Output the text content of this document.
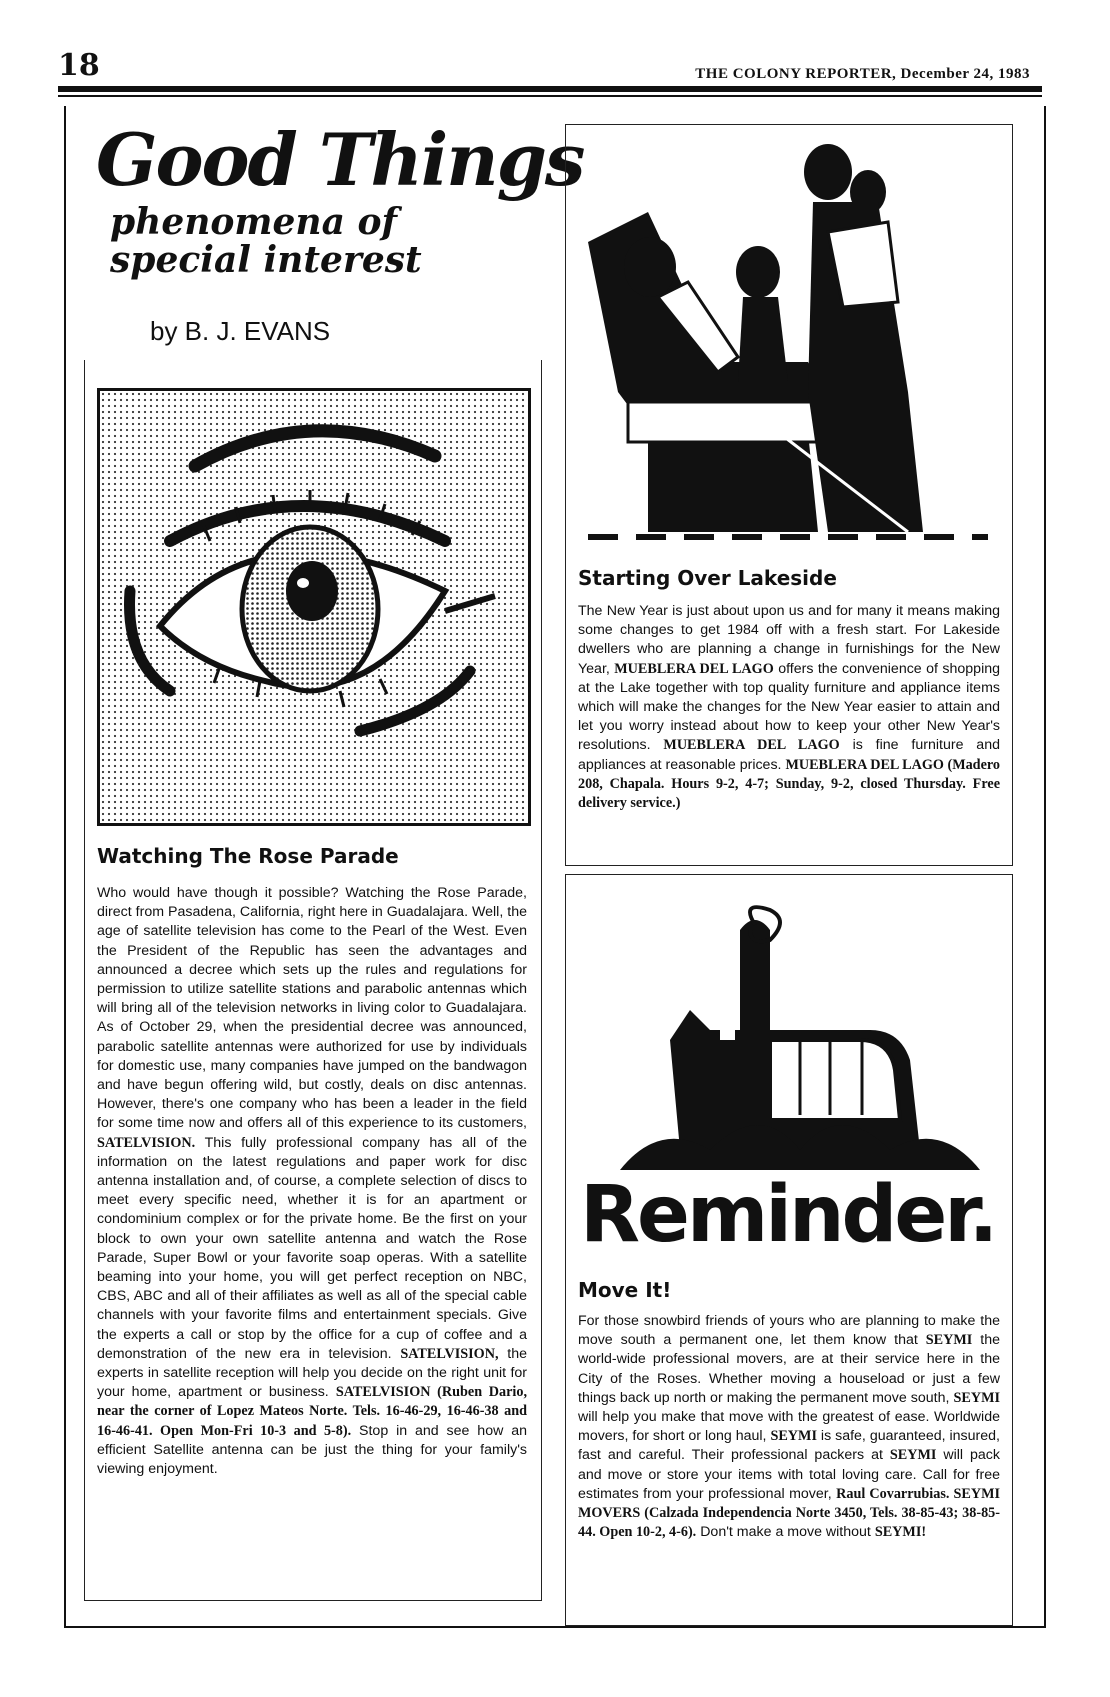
18	THE COLONY REPORTER, December 24, 1983
Good Things
phenomena of
special interest
by B. J. EVANS
Watching The Rose Parade
Who would have though it possible? Watching the Rose Parade, direct from Pasadena, California, right here in Guadalajara. Well, the age of satellite television has come to the Pearl of the West. Even the President of the Republic has seen the advantages and announced a decree which sets up the rules and regulations for permission to utilize satellite stations and parabolic antennas which will bring all of the television networks in living color to Guadalajara. As of October 29, when the presidential decree was announced, parabolic satellite antennas were authorized for use by individuals for domestic use, many companies have jumped on the bandwagon and have begun offering wild, but costly, deals on disc antennas. However, there's one company who has been a leader in the field for some time now and offers all of this experience to its customers, SATELVISION. This fully professional company has all of the information on the latest regulations and paper work for disc antenna installation and, of course, a complete selection of discs to meet every specific need, whether it is for an apartment or condominium complex or for the private home. Be the first on your block to own your own satellite antenna and watch the Rose Parade, Super Bowl or your favorite soap operas. With a satellite beaming into your home, you will get perfect reception on NBC, CBS, ABC and all of their affiliates as well as all of the special cable channels with your favorite films and entertainment specials. Give the experts a call or stop by the office for a cup of coffee and a demonstration of the new era in television. SATELVISION, the experts in satellite reception will help you decide on the right unit for your home, apartment or business. SATELVISION (Ruben Dario, near the corner of Lopez Mateos Norte. Tels. 16-46-29, 16-46-38 and 16-46-41. Open Mon-Fri 10-3 and 5-8). Stop in and see how an efficient Satellite antenna can be just the thing for your family's viewing enjoyment.
Starting Over Lakeside
The New Year is just about upon us and for many it means making some changes to get 1984 off with a fresh start. For Lakeside dwellers who are planning a change in furnishings for the New Year, MUEBLERA DEL LAGO offers the convenience of shopping at the Lake together with top quality furniture and appliance items which will make the changes for the New Year easier to attain and let you worry instead about how to keep your other New Year's resolutions. MUEBLERA DEL LAGO is fine furniture and appliances at reasonable prices. MUEBLERA DEL LAGO (Madero 208, Chapala. Hours 9-2, 4-7; Sunday, 9-2, closed Thursday. Free delivery service.)
Reminder.
Move It!
For those snowbird friends of yours who are planning to make the move south a permanent one, let them know that SEYMI the world-wide professional movers, are at their service here in the City of the Roses. Whether moving a houseload or just a few things back up north or making the permanent move south, SEYMI will help you make that move with the greatest of ease. Worldwide movers, for short or long haul, SEYMI is safe, guaranteed, insured, fast and careful. Their professional packers at SEYMI will pack and move or store your items with total loving care. Call for free estimates from your professional mover, Raul Covarrubias. SEYMI MOVERS (Calzada Independencia Norte 3450, Tels. 38-85-43; 38-85-44. Open 10-2, 4-6). Don't make a move without SEYMI!
